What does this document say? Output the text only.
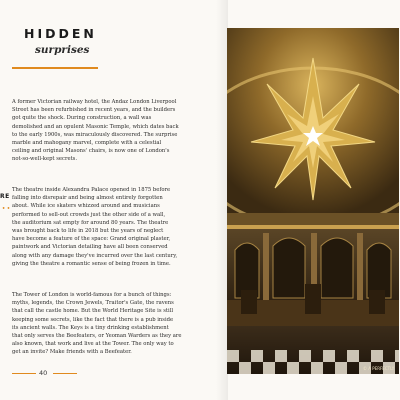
HIDDEN
surprises
RE
• •
A former Victorian railway hotel, the Andaz London Liverpool
Street has been refurbished in recent years, and the builders
got quite the shock. During construction, a wall was
demolished and an opulent Masonic Temple, which dates back
to the early 1900s, was miraculously discovered. The surprise
marble and mahogany marvel, complete with a celestial
ceiling and original Masons' chairs, is now one of London's
not-so-well-kept secrets.
The theatre inside Alexandra Palace opened in 1875 before
falling into disrepair and being almost entirely forgotten
about. While ice skaters whizzed around and musicians
performed to sell-out crowds just the other side of a wall,
the auditorium sat empty for around 80 years. The theatre
was brought back to life in 2018 but the years of neglect
have become a feature of the space: Grand original plaster,
paintwork and Victorian detailing have all been conserved
along with any damage they've incurred over the last century,
giving the theatre a romantic sense of being frozen in time.
The Tower of London is world-famous for a bunch of things:
myths, legends, the Crown Jewels, Traitor's Gate, the ravens
that call the castle home. But the World Heritage Site is still
keeping some secrets, like the fact that there is a pub inside
its ancient walls. The Keys is a tiny drinking establishment
that only serves the Beefeaters, or Yeoman Warders as they are
also known, that work and live at the Tower. The only way to
get an invite? Make friends with a Beefeater.
40
© A PERFECTLY
